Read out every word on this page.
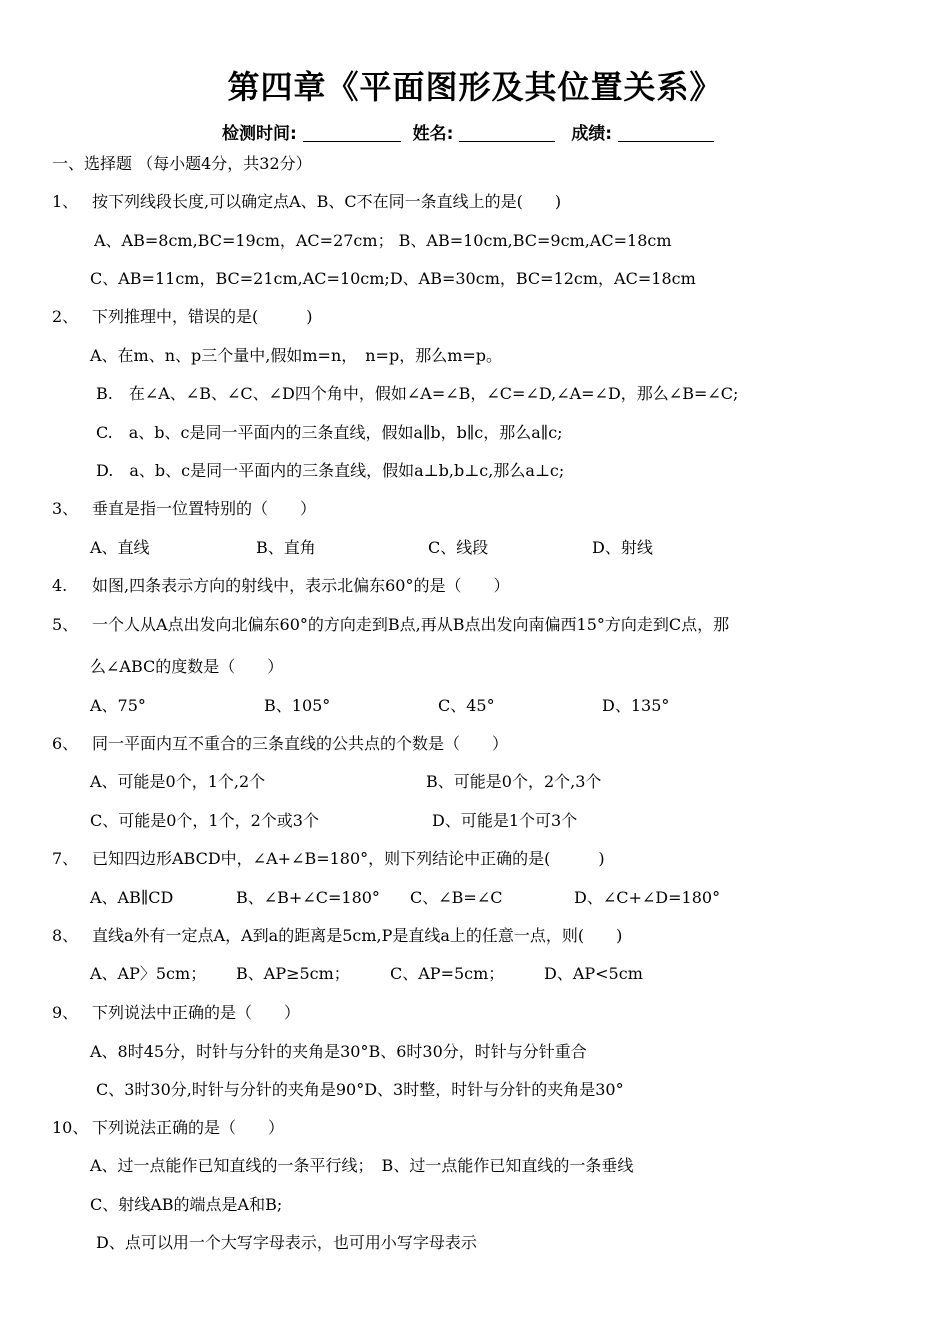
第四章《平面图形及其位置关系》
检测时间:	姓名:	成绩:
一、选择题 （每小题4分，共32分）
1、 按下列线段长度,可以确定点A、B、C不在同一条直线上的是(　　)
A、AB=8cm,BC=19cm，AC=27cm； B、AB=10cm,BC=9cm,AC=18cm
C、AB=11cm，BC=21cm,AC=10cm;D、AB=30cm，BC=12cm，AC=18cm
2、 下列推理中，错误的是(　　　)
A、在m、n、p三个量中,假如m=n，　n=p，那么m=p。
B.　在∠A、∠B、∠C、∠D四个角中，假如∠A=∠B，∠C=∠D,∠A=∠D，那么∠B=∠C;
C.　a、b、c是同一平面内的三条直线，假如a∥b，b∥c，那么a∥c;
D.　a、b、c是同一平面内的三条直线，假如a⊥b,b⊥c,那么a⊥c;
3、 垂直是指一位置特别的（　　）
A、直线	B、直角	C、线段	D、射线
4. 如图,四条表示方向的射线中，表示北偏东60°的是（　　）
5、 一个人从A点出发向北偏东60°的方向走到B点,再从B点出发向南偏西15°方向走到C点，那
么∠ABC的度数是（　　）
A、75°	B、105°	C、45°	D、135°
6、 同一平面内互不重合的三条直线的公共点的个数是（　　）
A、可能是0个，1个,2个	B、可能是0个，2个,3个
C、可能是0个，1个，2个或3个	D、可能是1个可3个
7、 已知四边形ABCD中，∠A+∠B=180°，则下列结论中正确的是(　　　)
A、AB∥CD	B、∠B+∠C=180° C、∠B=∠C	D、∠C+∠D=180°
8、 直线a外有一定点A，A到a的距离是5cm,P是直线a上的任意一点，则(　　)
A、AP〉5cm； B、AP≥5cm；	C、AP=5cm； D、AP<5cm
9、 下列说法中正确的是（　　）
A、8时45分，时针与分针的夹角是30°B、6时30分，时针与分针重合
C、3时30分,时针与分针的夹角是90°D、3时整，时针与分针的夹角是30°
10、 下列说法正确的是（　　）
A、过一点能作已知直线的一条平行线；　B、过一点能作已知直线的一条垂线
C、射线AB的端点是A和B;
D、点可以用一个大写字母表示，也可用小写字母表示
